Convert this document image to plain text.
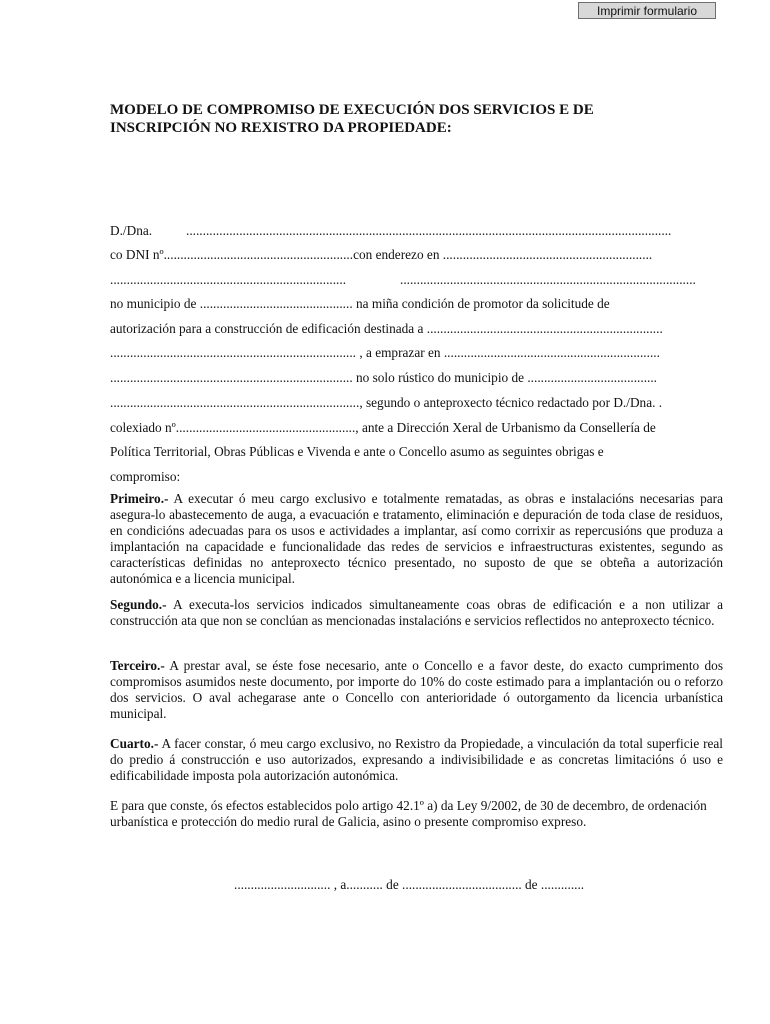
Imprimir formulario
MODELO DE COMPROMISO DE EXECUCIÓN DOS SERVICIOS E DE INSCRIPCIÓN NO REXISTRO DA PROPIEDADE:
D./Dna.	..................................................................................................................................................
co DNI nº.........................................................con enderezo en ...............................................................
.......................................................................	.........................................................................................
no municipio de .............................................. na miña condición de promotor da solicitude de
autorización para a construcción de edificación destinada a .......................................................................
.......................................................................... , a emprazar en .................................................................
......................................................................... no solo rústico do municipio de .......................................
..........................................................................., segundo o anteproxecto técnico redactado por D./Dna. .
colexiado nº......................................................, ante a Dirección Xeral de Urbanismo da Consellería de
Política Territorial, Obras Públicas e Vivenda e ante o Concello asumo as seguintes obrigas e
compromiso:
Primeiro.- A executar ó meu cargo exclusivo e totalmente rematadas, as obras e instalacións necesarias para asegura-lo abastecemento de auga, a evacuación e tratamento, eliminación e depuración de toda clase de residuos, en condicións adecuadas para os usos e actividades a implantar, así como corrixir as repercusións que produza a implantación na capacidade e funcionalidade das redes de servicios e infraestructuras existentes, segundo as características definidas no anteproxecto técnico presentado, no suposto de que se obteña a autorización autonómica e a licencia municipal.
Segundo.- A executa-los servicios indicados simultaneamente coas obras de edificación e a non utilizar a construcción ata que non se conclúan as mencionadas instalacións e servicios reflectidos no anteproxecto técnico.
Terceiro.- A prestar aval, se éste fose necesario, ante o Concello e a favor deste, do exacto cumprimento dos compromisos asumidos neste documento, por importe do 10% do coste estimado para a implantación ou o reforzo dos servicios. O aval achegarase ante o Concello con anterioridade ó outorgamento da licencia urbanística municipal.
Cuarto.- A facer constar, ó meu cargo exclusivo, no Rexistro da Propiedade, a vinculación da total superficie real do predio á construcción e uso autorizados, expresando a indivisibilidade e as concretas limitacións ó uso e edificabilidade imposta pola autorización autonómica.
E para que conste, ós efectos establecidos polo artigo 42.1º a) da Ley 9/2002, de 30 de decembro, de ordenación urbanística e protección do medio rural de Galicia, asino o presente compromiso expreso.
............................. , a........... de .................................... de .............
